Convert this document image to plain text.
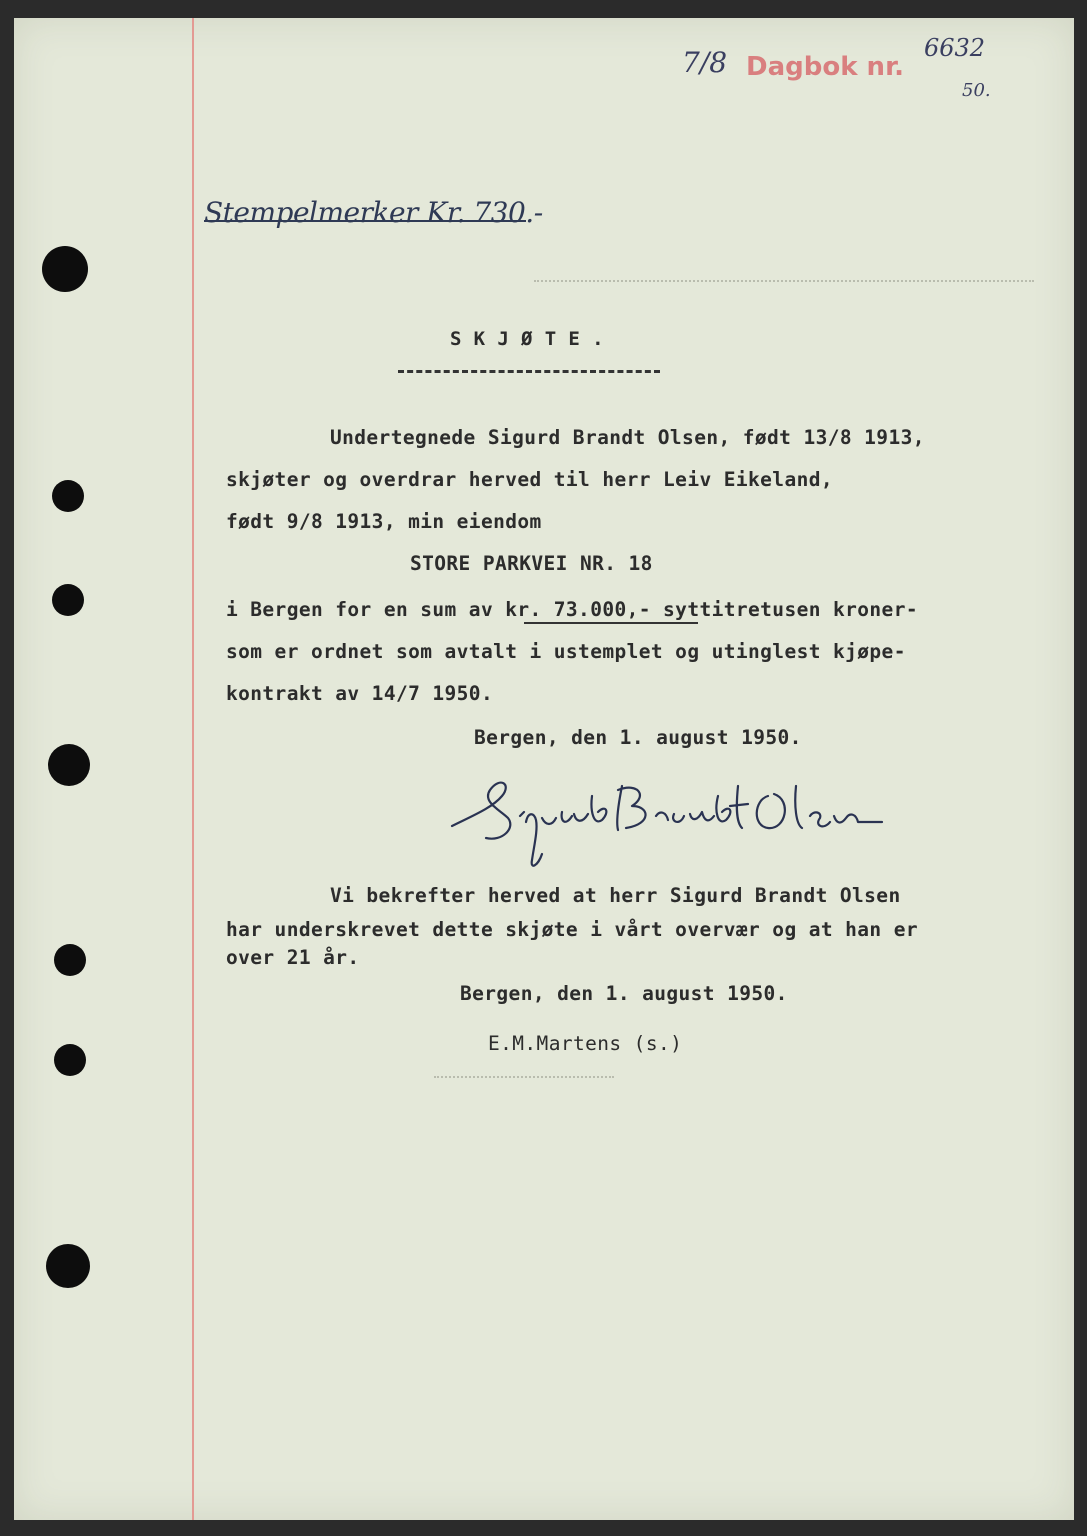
7/8 Dagbok nr.
6632
50.
Stempelmerker Kr. 730.-
S K J Ø T E .
Undertegnede Sigurd Brandt Olsen, født 13/8 1913,
skjøter og overdrar herved til herr Leiv Eikeland,
født 9/8 1913, min eiendom
STORE PARKVEI NR. 18
i Bergen for en sum av kr. 73.000,- syttitretusen kroner-
som er ordnet som avtalt i ustemplet og utinglest kjøpe-
kontrakt av 14/7 1950.
Bergen, den 1. august 1950.
Vi bekrefter herved at herr Sigurd Brandt Olsen
har underskrevet dette skjøte i vårt overvær og at han er
over 21 år.
Bergen, den 1. august 1950.
E.M.Martens (s.)
